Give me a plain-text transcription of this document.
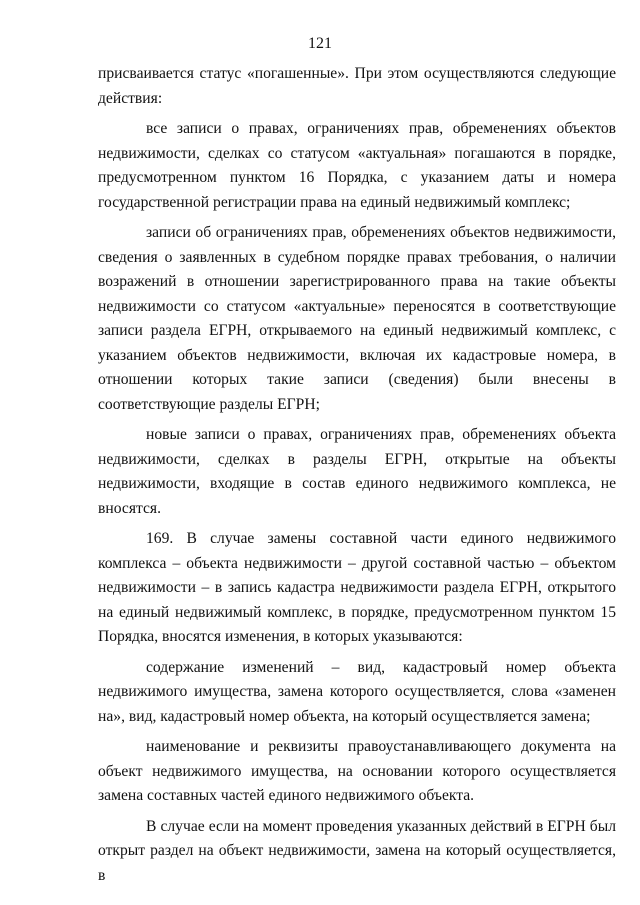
121

присваивается статус «погашенные». При этом осуществляются следующие действия:

все записи о правах, ограничениях прав, обременениях объектов недвижимости, сделках со статусом «актуальная» погашаются в порядке, предусмотренном пунктом 16 Порядка, с указанием даты и номера государственной регистрации права на единый недвижимый комплекс;

записи об ограничениях прав, обременениях объектов недвижимости, сведения о заявленных в судебном порядке правах требования, о наличии возражений в отношении зарегистрированного права на такие объекты недвижимости со статусом «актуальные» переносятся в соответствующие записи раздела ЕГРН, открываемого на единый недвижимый комплекс, с указанием объектов недвижимости, включая их кадастровые номера, в отношении которых такие записи (сведения) были внесены в соответствующие разделы ЕГРН;

новые записи о правах, ограничениях прав, обременениях объекта недвижимости, сделках в разделы ЕГРН, открытые на объекты недвижимости, входящие в состав единого недвижимого комплекса, не вносятся.

169. В случае замены составной части единого недвижимого комплекса – объекта недвижимости – другой составной частью – объектом недвижимости – в запись кадастра недвижимости раздела ЕГРН, открытого на единый недвижимый комплекс, в порядке, предусмотренном пунктом 15 Порядка, вносятся изменения, в которых указываются:

содержание изменений – вид, кадастровый номер объекта недвижимого имущества, замена которого осуществляется, слова «заменен на», вид, кадастровый номер объекта, на который осуществляется замена;

наименование и реквизиты правоустанавливающего документа на объект недвижимого имущества, на основании которого осуществляется замена составных частей единого недвижимого объекта.

В случае если на момент проведения указанных действий в ЕГРН был открыт раздел на объект недвижимости, замена на который осуществляется, в
